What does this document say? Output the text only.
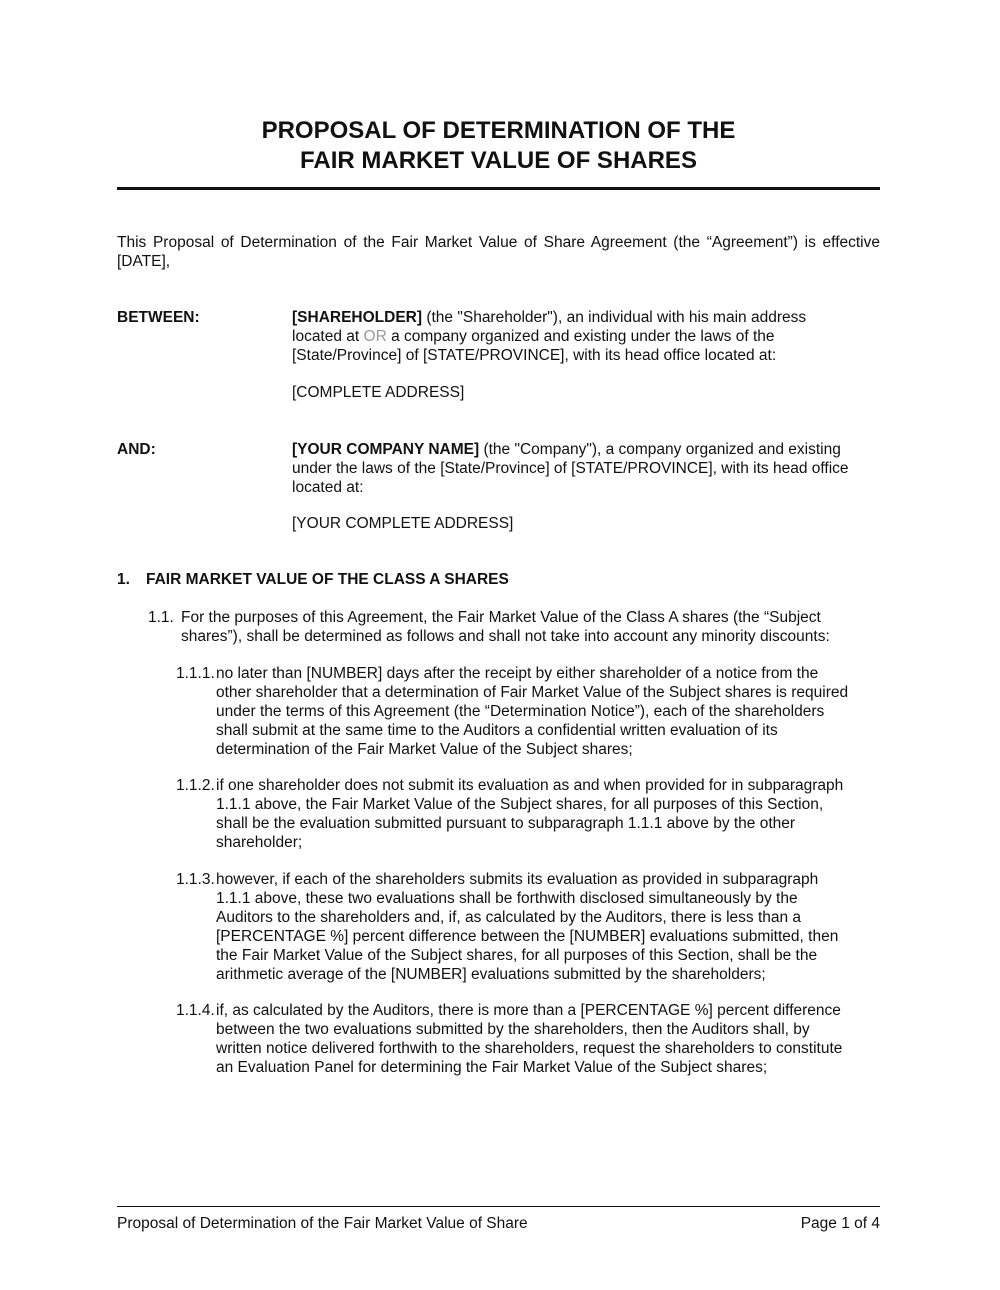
PROPOSAL OF DETERMINATION OF THE
FAIR MARKET VALUE OF SHARES
This Proposal of Determination of the Fair Market Value of Share Agreement (the “Agreement”) is effective [DATE],
BETWEEN:	[SHAREHOLDER] (the "Shareholder"), an individual with his main address
located at OR a company organized and existing under the laws of the
[State/Province] of [STATE/PROVINCE], with its head office located at:
[COMPLETE ADDRESS]
AND:	[YOUR COMPANY NAME] (the "Company"), a company organized and existing
under the laws of the [State/Province] of [STATE/PROVINCE], with its head office
located at:
[YOUR COMPLETE ADDRESS]
1. FAIR MARKET VALUE OF THE CLASS A SHARES
1.1. For the purposes of this Agreement, the Fair Market Value of the Class A shares (the “Subject
shares”), shall be determined as follows and shall not take into account any minority discounts:
1.1.1. no later than [NUMBER] days after the receipt by either shareholder of a notice from the
other shareholder that a determination of Fair Market Value of the Subject shares is required
under the terms of this Agreement (the “Determination Notice”), each of the shareholders
shall submit at the same time to the Auditors a confidential written evaluation of its
determination of the Fair Market Value of the Subject shares;
1.1.2. if one shareholder does not submit its evaluation as and when provided for in subparagraph
1.1.1 above, the Fair Market Value of the Subject shares, for all purposes of this Section,
shall be the evaluation submitted pursuant to subparagraph 1.1.1 above by the other
shareholder;
1.1.3. however, if each of the shareholders submits its evaluation as provided in subparagraph
1.1.1 above, these two evaluations shall be forthwith disclosed simultaneously by the
Auditors to the shareholders and, if, as calculated by the Auditors, there is less than a
[PERCENTAGE %] percent difference between the [NUMBER] evaluations submitted, then
the Fair Market Value of the Subject shares, for all purposes of this Section, shall be the
arithmetic average of the [NUMBER] evaluations submitted by the shareholders;
1.1.4. if, as calculated by the Auditors, there is more than a [PERCENTAGE %] percent difference
between the two evaluations submitted by the shareholders, then the Auditors shall, by
written notice delivered forthwith to the shareholders, request the shareholders to constitute
an Evaluation Panel for determining the Fair Market Value of the Subject shares;
Proposal of Determination of the Fair Market Value of Share	Page 1 of 4
